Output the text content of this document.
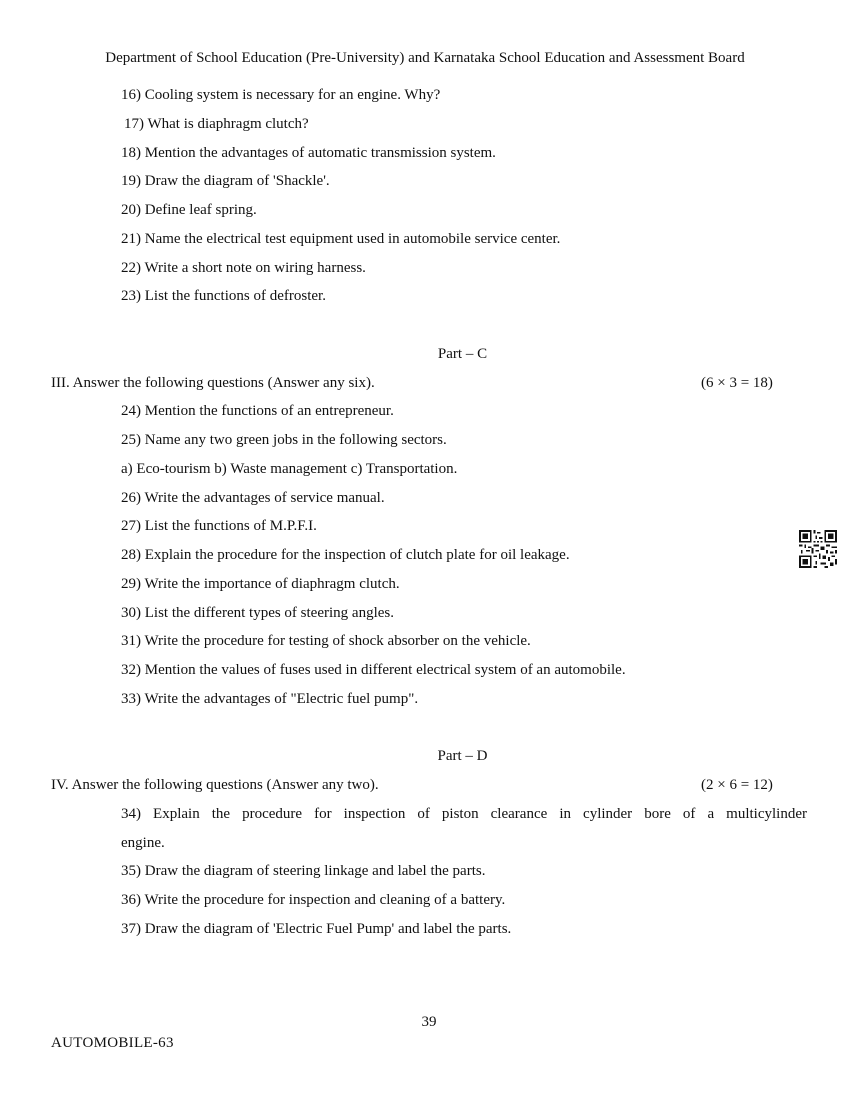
Department of School Education (Pre-University) and Karnataka School Education and Assessment Board
16) Cooling system is necessary for an engine. Why?
17) What is diaphragm clutch?
18) Mention the advantages of automatic transmission system.
19) Draw the diagram of 'Shackle'.
20) Define leaf spring.
21) Name the electrical test equipment used in automobile service center.
22) Write a short note on wiring harness.
23) List the functions of defroster.
Part – C
III. Answer the following questions (Answer any six).	(6 × 3 = 18)
24) Mention the functions of an entrepreneur.
25) Name any two green jobs in the following sectors.
a) Eco-tourism b) Waste management c) Transportation.
26) Write the advantages of service manual.
27) List the functions of M.P.F.I.
28) Explain the procedure for the inspection of clutch plate for oil leakage.
29) Write the importance of diaphragm clutch.
30) List the different types of steering angles.
31) Write the procedure for testing of shock absorber on the vehicle.
32) Mention the values of fuses used in different electrical system of an automobile.
33) Write the advantages of "Electric fuel pump".
Part – D
IV. Answer the following questions (Answer any two).	(2 × 6 = 12)
34) Explain the procedure for inspection of piston clearance in cylinder bore of a multicylinder
engine.
35) Draw the diagram of steering linkage and label the parts.
36) Write the procedure for inspection and cleaning of a battery.
37) Draw the diagram of 'Electric Fuel Pump' and label the parts.
39
AUTOMOBILE-63
